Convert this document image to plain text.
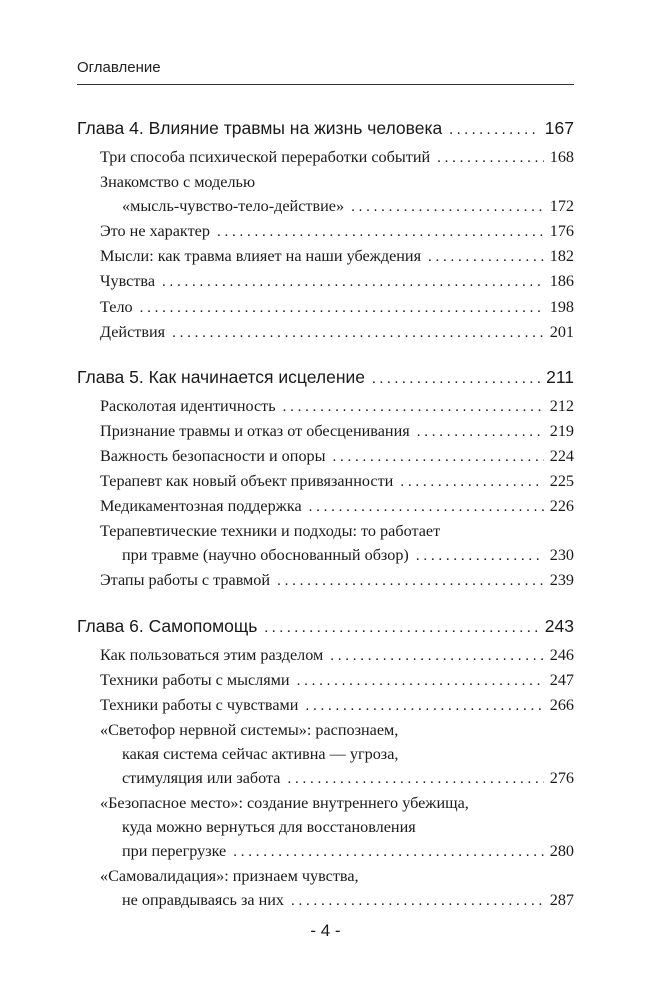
Оглавление
Глава 4. Влияние травмы на жизнь человека . . .	167
Три способа психической переработки событий . . .	168
Знакомство с моделью
«мысль-чувство-тело-действие» . . .	172
Это не характер . . .	176
Мысли: как травма влияет на наши убеждения . . .	182
Чувства . . .	186
Тело . . .	198
Действия . . .	201
Глава 5. Как начинается исцеление . . .	211
Расколотая идентичность . . .	212
Признание травмы и отказ от обесценивания . . .	219
Важность безопасности и опоры . . .	224
Терапевт как новый объект привязанности . . .	225
Медикаментозная поддержка . . .	226
Терапевтические техники и подходы: то работает
при травме (научно обоснованный обзор) . . .	230
Этапы работы с травмой . . .	239
Глава 6. Самопомощь . . .	243
Как пользоваться этим разделом . . .	246
Техники работы с мыслями . . .	247
Техники работы с чувствами . . .	266
«Светофор нервной системы»: распознаем,
какая система сейчас активна — угроза,
стимуляция или забота . . .	276
«Безопасное место»: создание внутреннего убежища,
куда можно вернуться для восстановления
при перегрузке . . .	280
«Самовалидация»: признаем чувства,
не оправдываясь за них . . .	287
- 4 -
